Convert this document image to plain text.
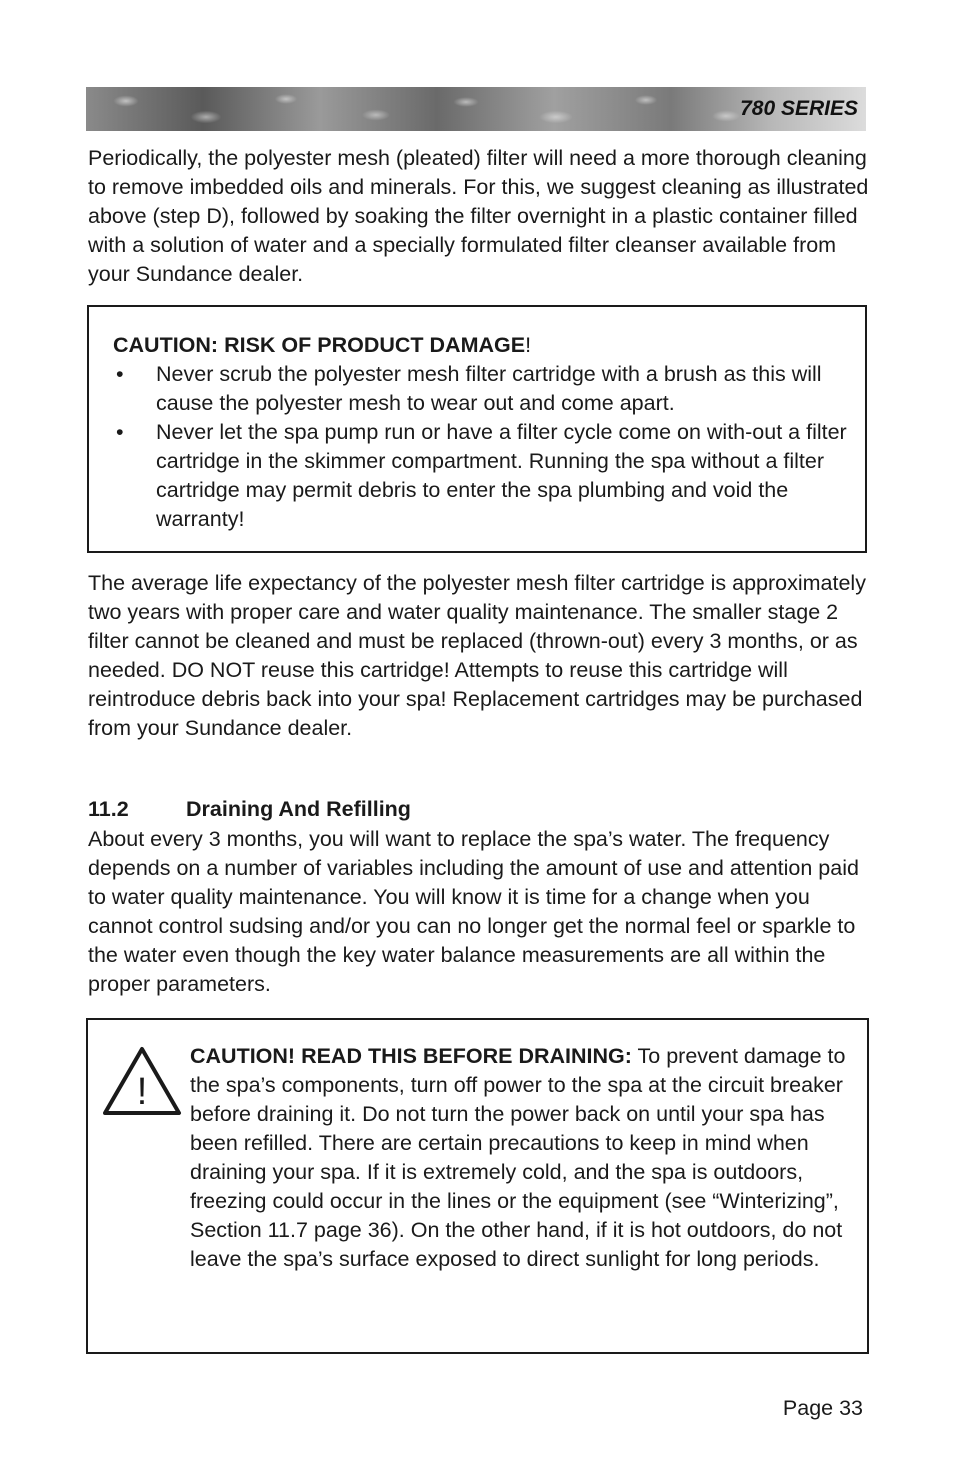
780 SERIES

Periodically, the polyester mesh (pleated) filter will need a more thorough cleaning to remove imbedded oils and minerals. For this, we suggest cleaning as illustrated above (step D), followed by soaking the filter overnight in a plastic container filled with a solution of water and a specially formulated filter cleanser available from your Sundance dealer.

CAUTION: RISK OF PRODUCT DAMAGE!
• Never scrub the polyester mesh filter cartridge with a brush as this will cause the polyester mesh to wear out and come apart.
• Never let the spa pump run or have a filter cycle come on with-out a filter cartridge in the skimmer compartment. Running the spa without a filter cartridge may permit debris to enter the spa plumbing and void the warranty!

The average life expectancy of the polyester mesh filter cartridge is approximately two years with proper care and water quality maintenance. The smaller stage 2 filter cannot be cleaned and must be replaced (thrown-out) every 3 months, or as needed. DO NOT reuse this cartridge! Attempts to reuse this cartridge will reintroduce debris back into your spa! Replacement cartridges may be purchased from your Sundance dealer.

11.2	Draining And Refilling

About every 3 months, you will want to replace the spa’s water. The frequency depends on a number of variables including the amount of use and attention paid to water quality maintenance. You will know it is time for a change when you cannot control sudsing and/or you can no longer get the normal feel or sparkle to the water even though the key water balance measurements are all within the proper parameters.

!

CAUTION! READ THIS BEFORE DRAINING: To prevent damage to the spa’s components, turn off power to the spa at the circuit breaker before draining it. Do not turn the power back on until your spa has been refilled. There are certain precautions to keep in mind when draining your spa. If it is extremely cold, and the spa is outdoors, freezing could occur in the lines or the equipment (see “Winterizing”, Section 11.7 page 36). On the other hand, if it is hot outdoors, do not leave the spa’s surface exposed to direct sunlight for long periods.

Page 33
